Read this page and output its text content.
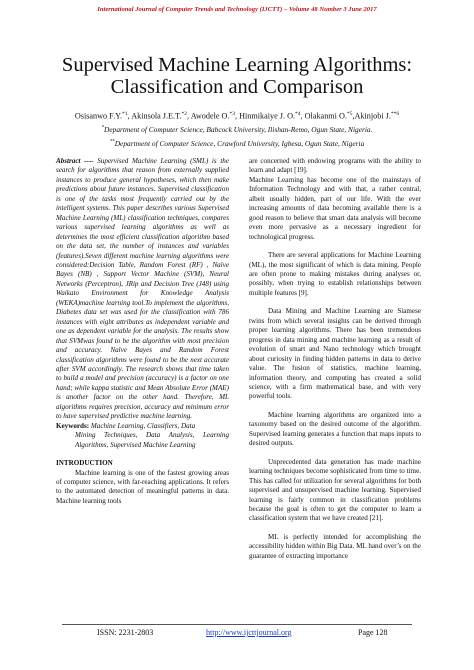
International Journal of Computer Trends and Technology (IJCTT) – Volume 48 Number 3 June 2017
Supervised Machine Learning Algorithms:
Classification and Comparison
Osisanwo F.Y.$^{*1}$, Akinsola J.E.T.$^{*2}$, Awodele O.$^{*3}$, Hinmikaiye J. O.$^{*4}$, Olakanmi O.$^{*5}$,Akinjobi J.$^{**6}$
*Department of Computer Science, Babcock University, Ilishan-Remo, Ogun State, Nigeria.
**Department of Computer Science, Crawford University, Igbesa, Ogun State, Nigeria

Abstract ---- Supervised Machine Learning (SML) is the search for algorithms that reason from externally supplied instances to produce general hypotheses, which then make predictions about future instances. Supervised classification is one of the tasks most frequently carried out by the intelligent systems. This paper describes various Supervised Machine Learning (ML) classification techniques, compares various supervised learning algorithms as well as determines the most efficient classification algorithm based on the data set, the number of instances and variables (features).Seven different machine learning algorithms were considered:Decision Table, Random Forest (RF) , Naïve Bayes (NB) , Support Vector Machine (SVM), Neural Networks (Perceptron), JRip and Decision Tree (J48) using Waikato Environment for Knowledge Analysis (WEKA)machine learning tool.To implement the algorithms, Diabetes data set was used for the classification with 786 instances with eight attributes as independent variable and one as dependent variable for the analysis. The results show that SVMwas found to be the algorithm with most precision and accuracy. Naïve Bayes and Random Forest classification algorithms were found to be the next accurate after SVM accordingly. The research shows that time taken to build a model and precision (accuracy) is a factor on one hand; while kappa statistic and Mean Absolute Error (MAE) is another factor on the other hand. Therefore, ML algorithms requires precision, accuracy and minimum error to have supervised predictive machine learning.

Keywords: Machine Learning, Classifiers, Data
Mining Techniques, Data Analysis, Learning Algorithms, Supervised Machine Learning

INTRODUCTION

Machine learning is one of the fastest growing areas of computer science, with far-reaching applications. It refers to the automated detection of meaningful patterns in data. Machine learning tools

are concerned with endowing programs with the ability to learn and adapt [19].

Machine Learning has become one of the mainstays of Information Technology and with that, a rather central, albeit usually hidden, part of our life. With the ever increasing amounts of data becoming available there is a good reason to believe that smart data analysis will become even more pervasive as a necessary ingredient for technological progress.

There are several applications for Machine Learning (ML), the most significant of which is data mining. People are often prone to making mistakes during analyses or, possibly, when trying to establish relationships between multiple features [9].

Data Mining and Machine Learning are Siamese twins from which several insights can be derived through proper learning algorithms. There has been tremendous progress in data mining and machine learning as a result of evolution of smart and Nano technology which brought about curiosity in finding hidden patterns in data to derive value. The fusion of statistics, machine learning, information theory, and computing has created a solid science, with a firm mathematical base, and with very powerful tools.

Machine learning algorithms are organized into a taxonomy based on the desired outcome of the algorithm. Supervised learning generates a function that maps inputs to desired outputs.

Unprecedented data generation has made machine learning techniques become sophisticated from time to time. This has called for utilization for several algorithms for both supervised and unsupervised machine learning. Supervised learning is fairly common in classification problems because the goal is often to get the computer to learn a classification system that we have created [21].

ML is perfectly intended for accomplishing the accessibility hidden within Big Data. ML hand over’s on the guarantee of extracting importance

ISSN: 2231-2803	http://www.ijcttjournal.org	Page 128
